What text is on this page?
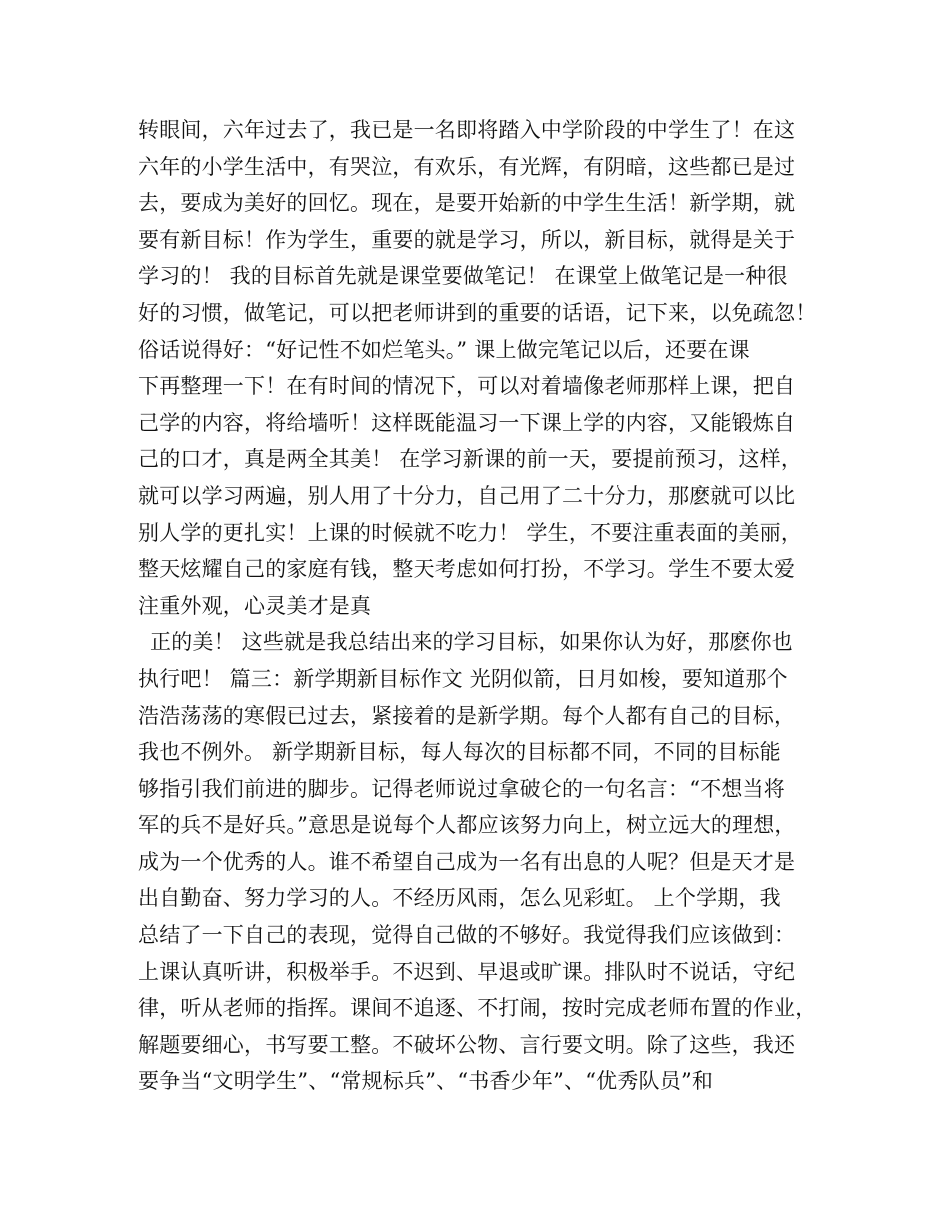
转眼间，六年过去了，我已是一名即将踏入中学阶段的中学生了！在这
六年的小学生活中，有哭泣，有欢乐，有光辉，有阴暗，这些都已是过
去，要成为美好的回忆。现在，是要开始新的中学生生活！新学期，就
要有新目标！作为学生，重要的就是学习，所以，新目标，就得是关于
学习的！ 我的目标首先就是课堂要做笔记！ 在课堂上做笔记是一种很
好的习惯，做笔记，可以把老师讲到的重要的话语，记下来，以免疏忽！
俗话说得好：“好记性不如烂笔头。” 课上做完笔记以后，还要在课
下再整理一下！在有时间的情况下，可以对着墙像老师那样上课，把自
己学的内容，将给墙听！这样既能温习一下课上学的内容，又能锻炼自
己的口才，真是两全其美！ 在学习新课的前一天，要提前预习，这样，
就可以学习两遍，别人用了十分力，自己用了二十分力，那麽就可以比
别人学的更扎实！上课的时候就不吃力！ 学生，不要注重表面的美丽，
整天炫耀自己的家庭有钱，整天考虑如何打扮，不学习。学生不要太爱
注重外观，心灵美才是真
正的美！ 这些就是我总结出来的学习目标，如果你认为好，那麽你也
执行吧！ 篇三：新学期新目标作文 光阴似箭，日月如梭，要知道那个
浩浩荡荡的寒假已过去，紧接着的是新学期。每个人都有自己的目标，
我也不例外。 新学期新目标，每人每次的目标都不同，不同的目标能
够指引我们前进的脚步。记得老师说过拿破仑的一句名言：“不想当将
军的兵不是好兵。”意思是说每个人都应该努力向上，树立远大的理想，
成为一个优秀的人。谁不希望自己成为一名有出息的人呢？但是天才是
出自勤奋、努力学习的人。不经历风雨，怎么见彩虹。 上个学期，我
总结了一下自己的表现，觉得自己做的不够好。我觉得我们应该做到：
上课认真听讲，积极举手。不迟到、早退或旷课。排队时不说话，守纪
律，听从老师的指挥。课间不追逐、不打闹，按时完成老师布置的作业，
解题要细心，书写要工整。不破坏公物、言行要文明。除了这些，我还
要争当“文明学生”、“常规标兵”、“书香少年”、“优秀队员”和
